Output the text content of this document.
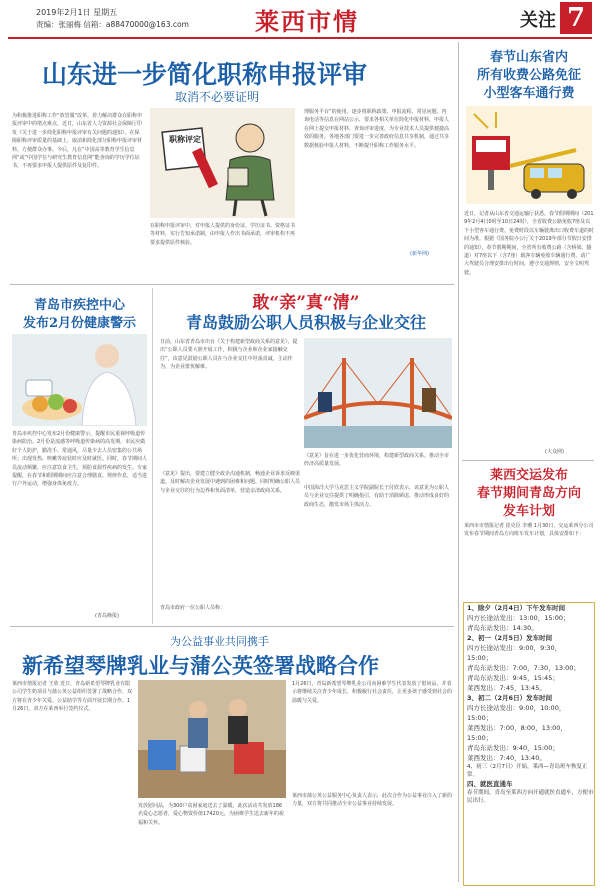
2019年2月1日 星期五
责编：张丽梅 信箱：a88470000@163.com	莱西市情	关注 7
山东进一步简化职称申报评审
取消不必要证明
为积极推进职称工作“放管服”改革，着力解决群众在职称申报评审中的堵点难点，近日，山东省人力资源社会保障厅印发《关于进一步简化职称申报评审有关问题的通知》，在保障职称评审质量的基础上，取消和简化部分职称申报评审材料，方便群众办事。今后，凡在“中国高等教育学生信息网”或“中国学位与研究生教育信息网”能查询的学历学位证书，不再要求申报人提供原件及复印件。
职称评定
在职称申报评审中，对申报人提供的身份证、学历证书、资格证书等材料，实行告知承诺制，由申报人作出书面承诺，评审机构不再要求提供原件核验。
理服务平台”的使用。逐步将职称政策、申报流程、常见问题、咨询电话等信息在网站公示，要求各相关单位简化申报材料，申报人在网上提交申报材料、查询评审进度，为专业技术人员提供便捷高效的服务。各地各部门要进一步完善政府信息共享机制，通过共享数据核验申报人材料，不断提升职称工作服务水平。
(新华网)
青岛市疾控中心
发布2月份健康警示
青岛市疾控中心发布2月份健康警示，提醒市民重视呼吸道传染病防治。2月份是流感等呼吸道传染病的高发期，市民应做好个人防护，勤洗手、常通风，尽量少去人员密集的公共场所；出现发热、咳嗽等症状时应及时就医。同时，春节期间人员流动频繁，应注意饮食卫生，预防食源性疾病的发生。专家提醒，在春节和假期期间应注意合理膳食，规律作息，适当进行户外运动，增强身体免疫力。
(青岛晚报)
敢“亲”真“清”
青岛鼓励公职人员积极与企业交往
日前，山东省青岛市出台《关于构建新型政商关系的意见》，提出“公职人员要大胆开展工作，积极与企业和企业家接触交往”，该意见鼓励公职人员在与企业交往中坦荡真诚，主动作为，为企业排忧解难。
《意见》旨在进一步优化营商环境，构建新型政商关系。推动全市经济高质量发展。
《意见》提出，要建立健全政企沟通机制，畅通企业诉求反映渠道，及时解决企业发展中遇到的困难和问题。同时明确公职人员与企业交往的行为边界和负面清单，营造亲清政商关系。	中国海洋大学马克思主义学院副院长王付欣表示，该意见为公职人员与企业交往提供了明确指引，有助于消除顾虑，推动形成良好的政商生态，激发市场主体活力。
青岛市政府一位公职人员称：
为公益事业共同携手
新希望琴牌乳业与蒲公英签署战略合作
莱西市情报记者 王欣 近日，青岛新希望琴牌乳业有限公司学生奶项目与蒲公英公益组织签署了战略合作，双方将在青少年关爱、公益助学等方面开展长期合作。1月26日，双方在莱西举行签约仪式。
发放慰问品，为300户贫困家庭送去了温暖。此次活动共发放186名爱心志愿者，爱心物资价值17420元，为困难学生送去新年的祝福和关怀。
1月26日，青岛新希望琴牌乳业公司向困难学生代表发放了慰问品，并表示将继续关注青少年成长，积极履行社会责任，让更多孩子感受到社会的温暖与关爱。
莱西市蒲公英公益服务中心负责人表示，此次合作为公益事业注入了新的力量，双方将共同推动全市公益事业持续发展。
春节山东省内
所有收费公路免征
小型客车通行费
近日，记者从山东省交通运输厅获悉，春节假期期间（2019年2月4日0时至10日24时），全省收费公路免收7座及以下小型客车通行费。免费时段以车辆驶离出口收费车道的时间为准。根据《国务院办公厅关于2019年部分节假日安排的通知》，春节假期期间，全省所有收费公路（含桥梁、隧道）对7座以下（含7座）载客车辆免收车辆通行费。请广大驾驶员合理安排出行时间，遵守交通规则，安全文明驾驶。
(大众网)
莱西交运发布
春节期间青岛方向
发车计划
莱西市市情报记者 崔克臣 李珊 1月30日，交运莱西分公司发布春节期间青岛方向班车发车计划，具体安排如下：
1、除夕（2月4日）下午发车时间
四方长途站发出：13:00，15:00；
青岛东站发出：14:30。
2、初一（2月5日）发车时间
四方长途站发出：9:00，9:30，
15:00；
青岛东站发出：7:00，7:30，13:00；
青岛东站发出：9:45，15:45；
莱西发出：7:45，13:45。
3、初二（2月6日）发车时间
四方长途站发出：9:00，10:00，
15:00；
莱西发出：7:00，8:00，13:00，
15:00；
青岛东站发出：9:40，15:00；
莱西发出：7:40，13:40。
4、初三（2月7日）开始，莱西—青岛班车恢复正常。
四、就医直通车
春节期间，青岛至莱西方向开通就医直通车，方便市民出行。
